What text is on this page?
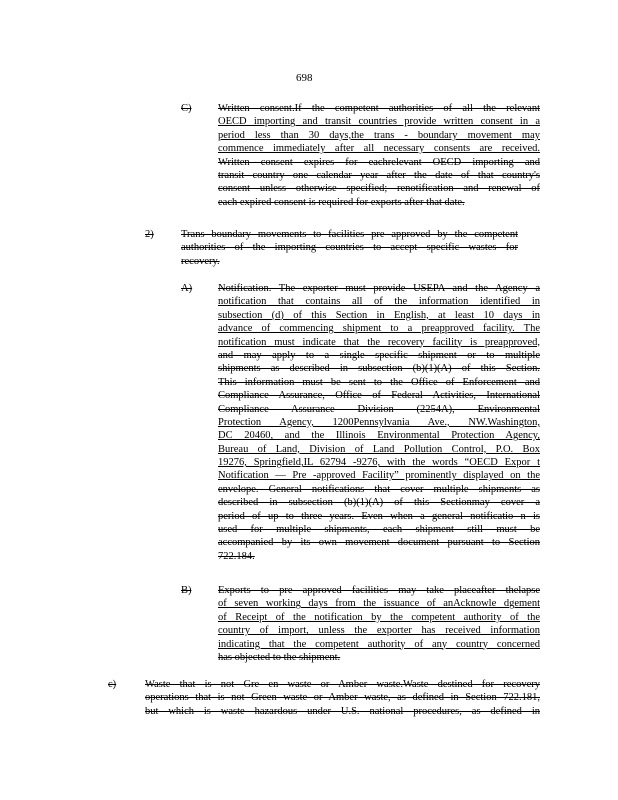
698
C)	Written consent.If the competent authorities of all the relevant
OECD importing and transit countries provide written consent in a
period less than 30 days,the trans - boundary movement may
commence immediately after all necessary consents are received.
Written consent expires for eachrelevant OECD importing and
transit country one calendar year after the date of that country's
consent unless otherwise specified; renotification and renewal of
each expired consent is required for exports after that date.
2)	Trans boundary movements to facilities pre approved by the competent
authorities of the importing countries to accept specific wastes for
recovery.
A) Notification. The exporter must provide USEPA and the Agency a
notification that contains all of the information identified in
subsection (d) of this Section in English, at least 10 days in
advance of commencing shipment to a preapproved facility. The
notification must indicate that the recovery facility is preapproved,
and may apply to a single specific shipment or to multiple
shipments as described in subsection (b)(1)(A) of this Section.
This information must be sent to the Office of Enforcement and
Compliance Assurance, Office of Federal Activities, International
Compliance Assurance Division (2254A), Environmental
Protection Agency, 1200Pennsylvania Ave., NW.Washington,
DC 20460, and the Illinois Environmental Protection Agency,
Bureau of Land, Division of Land Pollution Control, P.O. Box
19276, Springfield,IL 62794 -9276, with the words “OECD Expor t
Notification — Pre -approved Facility” prominently displayed on the
envelope. General notifications that cover multiple shipments as
described in subsection (b)(1)(A) of this Sectionmay cover a
period of up to three years. Even when a general notificatio n is
used for multiple shipments, each shipment still must be
accompanied by its own movement document pursuant to Section
722.184.
B)	Exports to pre approved facilities may take placeafter thelapse
of seven working days from the issuance of anAcknowle dgement
of Receipt of the notification by the competent authority of the
country of import, unless the exporter has received information
indicating that the competent authority of any country concerned
has objected to the shipment.
c)	Waste that is not Gre en waste or Amber waste.Waste destined for recovery
operations that is not Green waste or Amber waste, as defined in Section 722.181,
but which is waste hazardous under U.S. national procedures, as defined in
